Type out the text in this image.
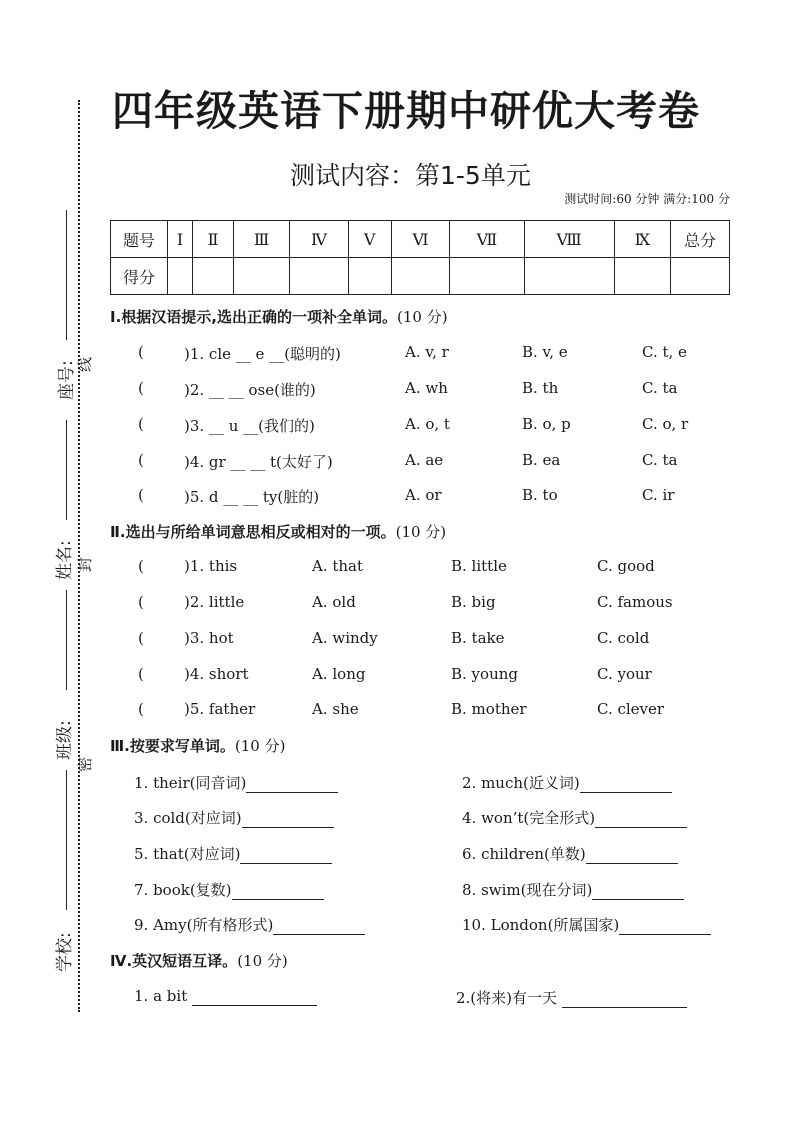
座号: 线
姓名: 封
班级:
密
学校:
四年级英语下册期中研优大考卷
测试内容：第1-5单元
测试时间:60 分钟 满分:100 分
题号	Ⅰ	Ⅱ	Ⅲ	Ⅳ	Ⅴ	Ⅵ	Ⅶ	Ⅷ	Ⅸ	总分
得分										
Ⅰ.根据汉语提示,选出正确的一项补全单词。(10 分)
Ⅱ.选出与所给单词意思相反或相对的一项。(10 分)
Ⅲ.按要求写单词。(10 分)
Ⅳ.英汉短语互译。(10 分)
(	)1. cle __ e __(聪明的)	A. v, r	B. v, e	C. t, e
(	)2. __ __ ose(谁的)	A. wh	B. th	C. ta
(	)3. __ u __(我们的)	A. o, t	B. o, p	C. o, r
(	)4. gr __ __ t(太好了)	A. ae	B. ea	C. ta
(	)5. d __ __ ty(脏的)	A. or	B. to	C. ir
(	)1. this	A. that	B. little	C. good
(	)2. little	A. old	B. big	C. famous
(	)3. hot	A. windy	B. take	C. cold
(	)4. short	A. long	B. young	C. your
(	)5. father	A. she	B. mother	C. clever
1. their(同音词)	2. much(近义词)
3. cold(对应词)	4. won’t(完全形式)
5. that(对应词)	6. children(单数)
7. book(复数)	8. swim(现在分词)
9. Amy(所有格形式)	10. London(所属国家)
1. a bit	2.(将来)有一天
